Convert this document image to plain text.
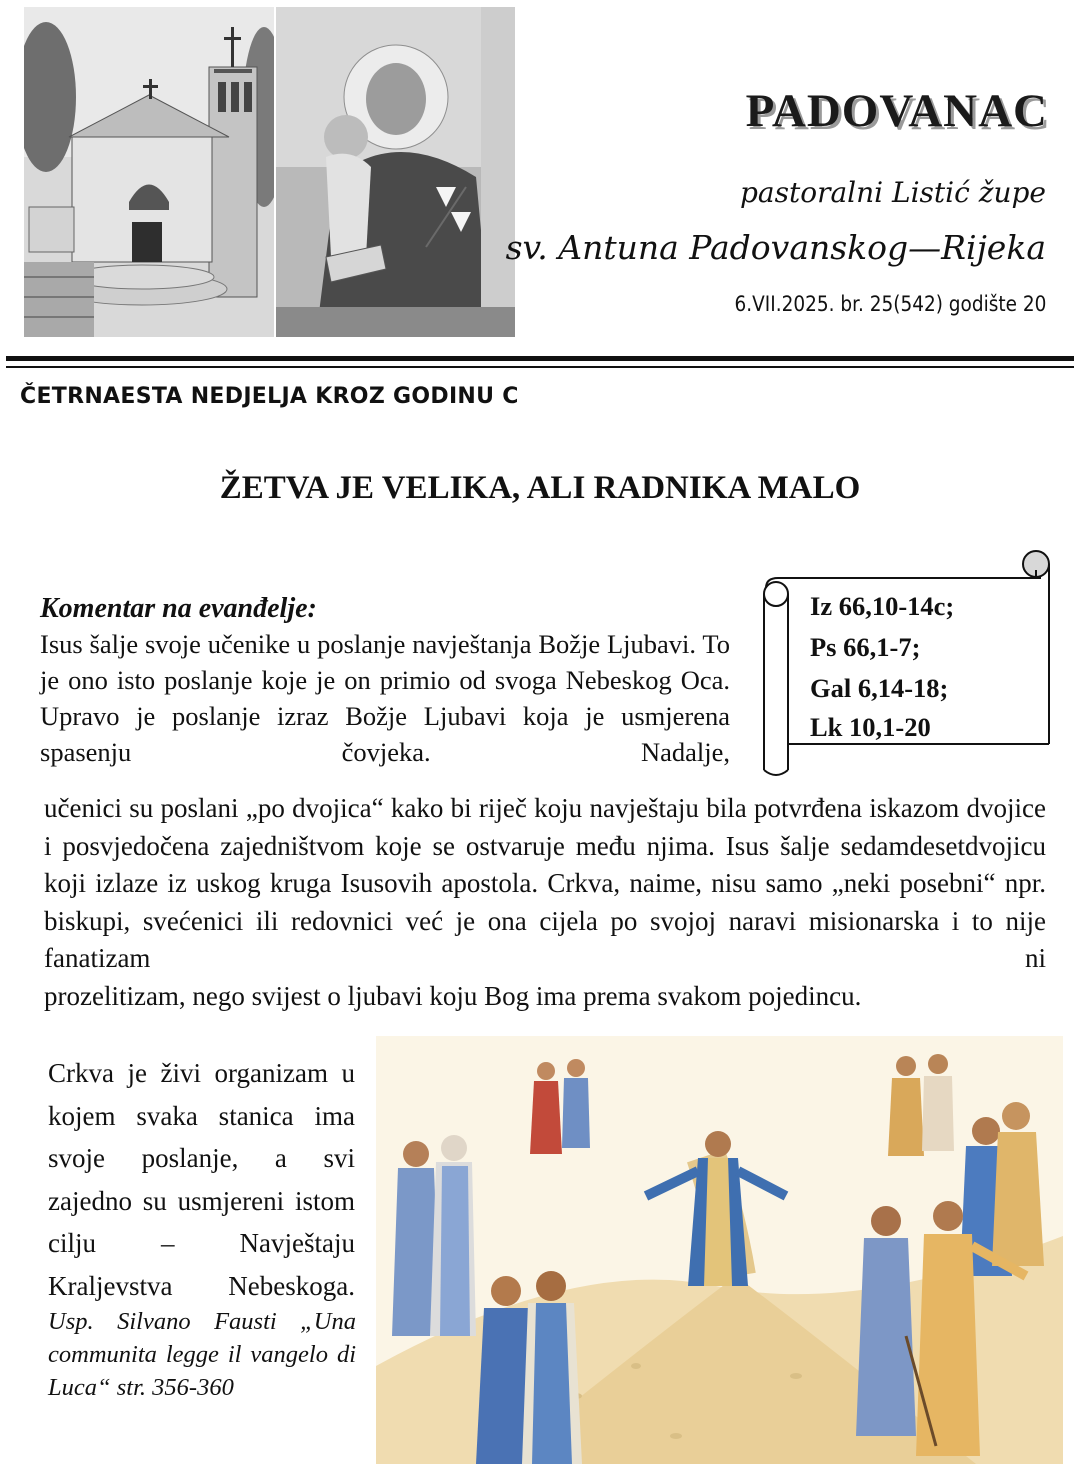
PADOVANAC

pastoralni Listić župe

sv. Antuna Padovanskog—Rijeka

6.VII.2025. br. 25(542) godište 20

ČETRNAESTA NEDJELJA KROZ GODINU C
ŽETVA JE VELIKA, ALI RADNIKA MALO

Komentar na evanđelje:

Isus šalje svoje učenike u poslanje navještanja Božje Ljubavi. To je ono isto poslanje koje je on primio od svoga Nebeskog Oca. Upravo je poslanje izraz Božje Ljubavi koja je usmjerena spasenju čovjeka. Nadalje,

Iz 66,10-14c;

Ps 66,1-7;

Gal 6,14-18;

Lk 10,1-20

učenici su poslani „po dvojica“ kako bi riječ koju navještaju bila potvrđena iskazom dvojice i posvjedočena zajedništvom koje se ostvaruje među njima. Isus šalje sedamdesetdvojicu koji izlaze iz uskog kruga Isusovih apostola. Crkva, naime, nisu samo „neki posebni“ npr. biskupi, svećenici ili redovnici već je ona cijela po svojoj naravi misionarska i to nije fanatizam ni

prozelitizam, nego svijest o ljubavi koju Bog ima prema svakom pojedincu.

Crkva je živi organizam u kojem svaka stanica ima svoje poslanje, a svi zajedno su usmjereni istom cilju – Navještaju Kraljevstva Nebeskoga.

Usp. Silvano Fausti „Una communita legge il vangelo di Luca“ str. 356-360
